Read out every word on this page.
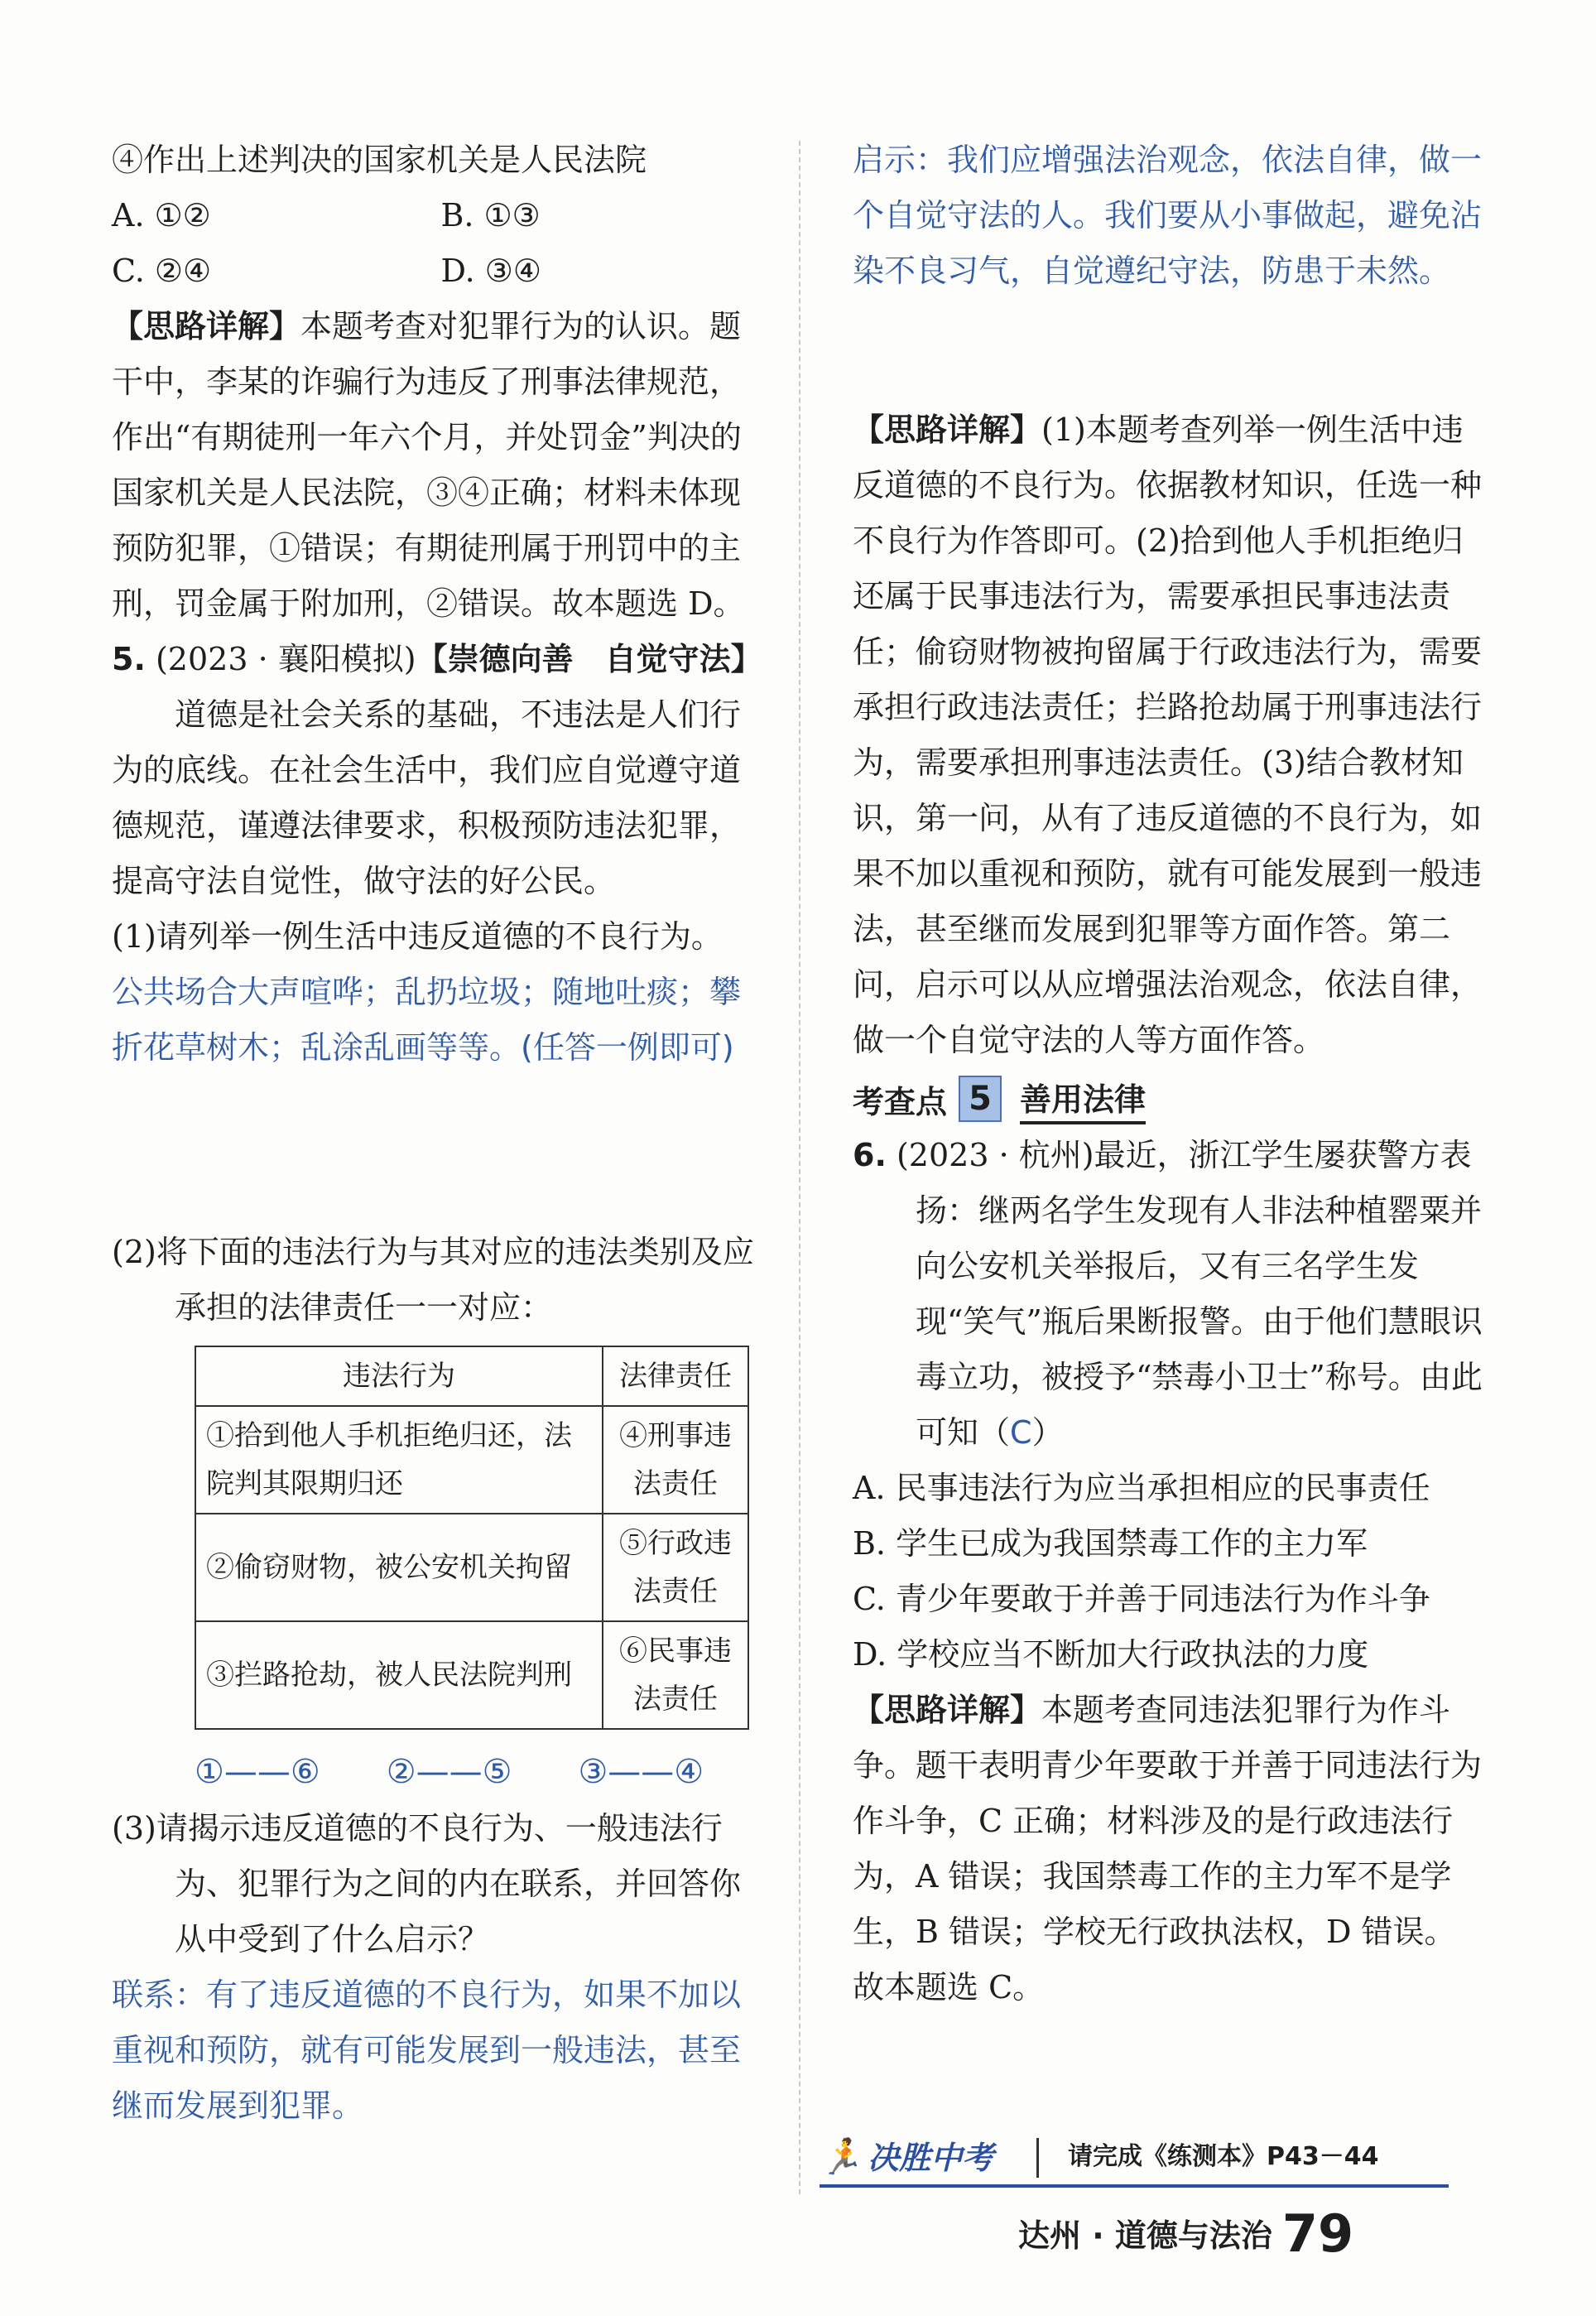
④作出上述判决的国家机关是人民法院

A. ①②	B. ①③
C. ②④	D. ③④

【思路详解】本题考查对犯罪行为的认识。题干中，李某的诈骗行为违反了刑事法律规范，作出“有期徒刑一年六个月，并处罚金”判决的国家机关是人民法院，③④正确；材料未体现预防犯罪，①错误；有期徒刑属于刑罚中的主刑，罚金属于附加刑，②错误。故本题选 D。

5. (2023 · 襄阳模拟)【崇德向善　自觉守法】

道德是社会关系的基础，不违法是人们行为的底线。在社会生活中，我们应自觉遵守道德规范，谨遵法律要求，积极预防违法犯罪，提高守法自觉性，做守法的好公民。

(1)请列举一例生活中违反道德的不良行为。

公共场合大声喧哗；乱扔垃圾；随地吐痰；攀折花草树木；乱涂乱画等等。(任答一例即可)

(2)将下面的违法行为与其对应的违法类别及应承担的法律责任一一对应：

违法行为	法律责任
①拾到他人手机拒绝归还，法院判其限期归还	④刑事违法责任
②偷窃财物，被公安机关拘留	⑤行政违法责任
③拦路抢劫，被人民法院判刑	⑥民事违法责任
①——⑥ ②——⑤ ③——④

(3)请揭示违反道德的不良行为、一般违法行为、犯罪行为之间的内在联系，并回答你从中受到了什么启示？

联系：有了违反道德的不良行为，如果不加以重视和预防，就有可能发展到一般违法，甚至继而发展到犯罪。

启示：我们应增强法治观念，依法自律，做一个自觉守法的人。我们要从小事做起，避免沾染不良习气，自觉遵纪守法，防患于未然。

【思路详解】(1)本题考查列举一例生活中违反道德的不良行为。依据教材知识，任选一种不良行为作答即可。(2)拾到他人手机拒绝归还属于民事违法行为，需要承担民事违法责任；偷窃财物被拘留属于行政违法行为，需要承担行政违法责任；拦路抢劫属于刑事违法行为，需要承担刑事违法责任。(3)结合教材知识，第一问，从有了违反道德的不良行为，如果不加以重视和预防，就有可能发展到一般违法，甚至继而发展到犯罪等方面作答。第二问，启示可以从应增强法治观念，依法自律，做一个自觉守法的人等方面作答。

考查点 5 善用法律

6. (2023 · 杭州)最近，浙江学生屡获警方表扬：继两名学生发现有人非法种植罂粟并向公安机关举报后，又有三名学生发现“笑气”瓶后果断报警。由于他们慧眼识毒立功，被授予“禁毒小卫士”称号。由此可知（C）

A. 民事违法行为应当承担相应的民事责任

B. 学生已成为我国禁毒工作的主力军

C. 青少年要敢于并善于同违法行为作斗争

D. 学校应当不断加大行政执法的力度

【思路详解】本题考查同违法犯罪行为作斗争。题干表明青少年要敢于并善于同违法行为作斗争，C 正确；材料涉及的是行政违法行为，A 错误；我国禁毒工作的主力军不是学生，B 错误；学校无行政执法权，D 错误。故本题选 C。

🏃 决胜中考	请完成《练测本》P43－44
达州 · 道德与法治 79
